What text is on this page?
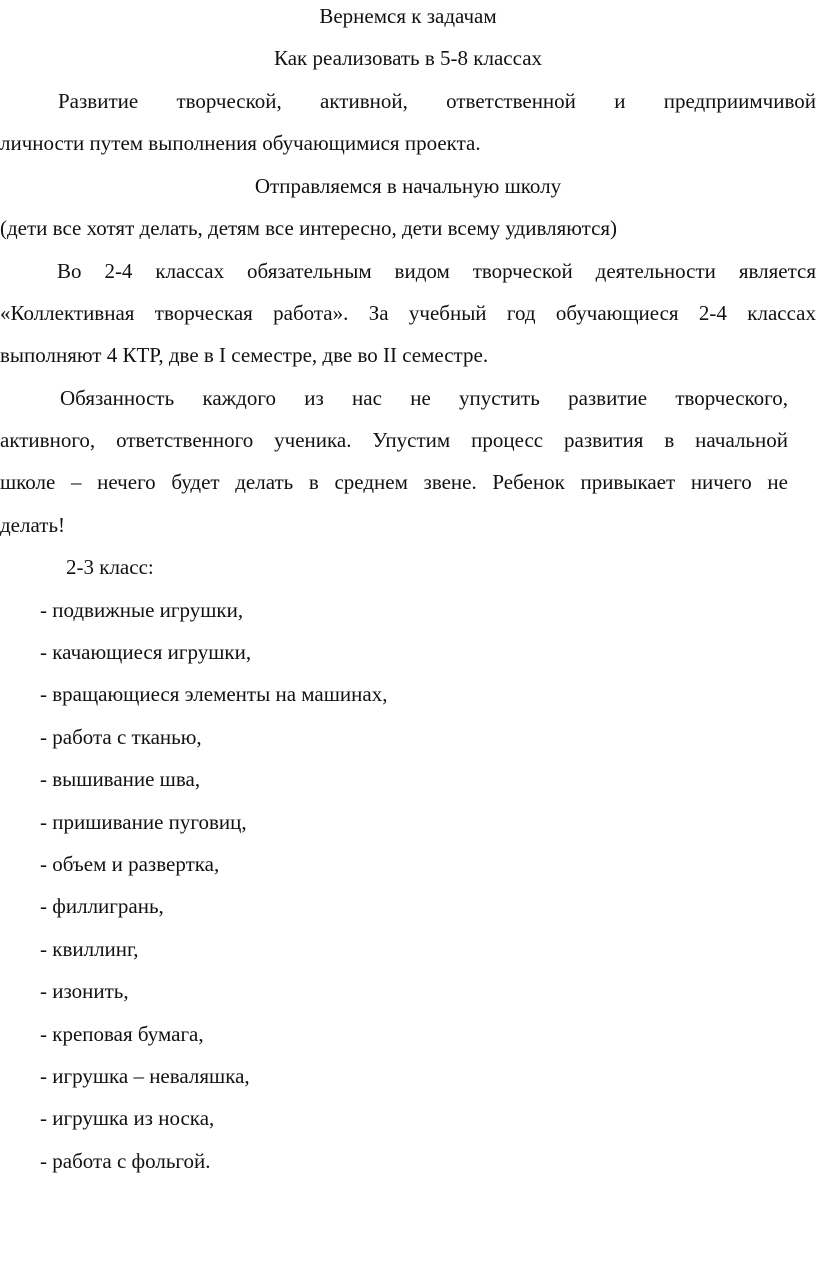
Вернемся к задачам
Как реализовать в 5-8 классах
Развитие творческой, активной, ответственной и предприимчивой
личности путем выполнения обучающимися проекта.
Отправляемся в начальную школу
(дети все хотят делать, детям все интересно, дети всему удивляются)
Во 2-4 классах обязательным видом творческой деятельности является
«Коллективная творческая работа». За учебный год обучающиеся 2-4 классах
выполняют 4 КТР, две в I семестре, две во II семестре.
Обязанность каждого из нас не упустить развитие творческого,
активного, ответственного ученика. Упустим процесс развития в начальной
школе – нечего будет делать в среднем звене. Ребенок привыкает ничего не
делать!
2-3 класс:
- подвижные игрушки,
- качающиеся игрушки,
- вращающиеся элементы на машинах,
- работа с тканью,
- вышивание шва,
- пришивание пуговиц,
- объем и развертка,
- филлигрань,
- квиллинг,
- изонить,
- креповая бумага,
- игрушка – неваляшка,
- игрушка из носка,
- работа с фольгой.
